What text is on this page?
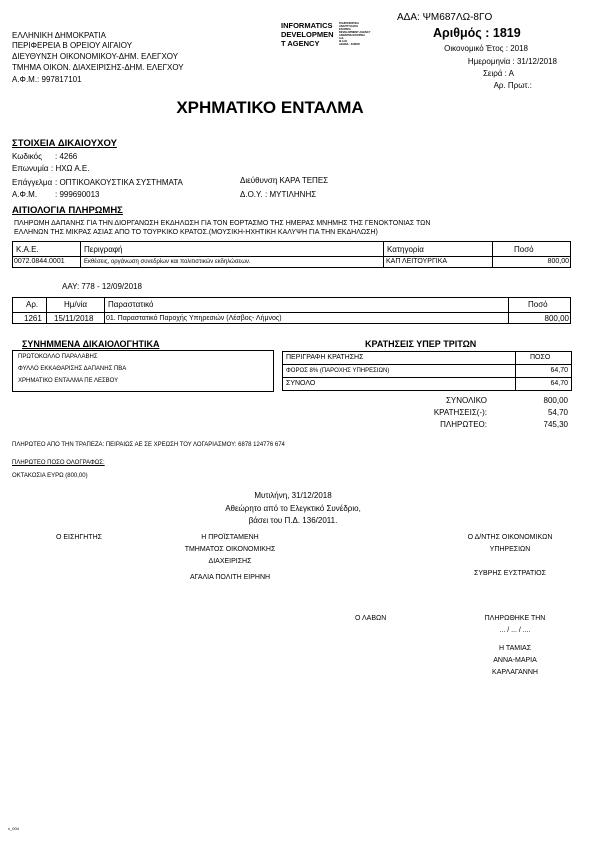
ΕΛΛΗΝΙΚΗ ΔΗΜΟΚΡΑΤΙΑ
ΠΕΡΙΦΕΡΕΙΑ Β ΟΡΕΙΟΥ ΑΙΓΑΙΟΥ
ΔΙΕΥΘΥΝΣΗ ΟΙΚΟΝΟΜΙΚΟΥ-ΔΗΜ. ΕΛΕΓΧΟΥ
ΤΜΗΜΑ ΟΙΚΟΝ. ΔΙΑΧΕΙΡΙΣΗΣ-ΔΗΜ. ΕΛΕΓΧΟΥ
Α.Φ.Μ.: 997817101
INFORMATICS
DEVELOPMEN
T AGENCY
ΠΛΗΡΟΦΟΡΙΚΗ
ΑΝΑΠΤΥΞΙΑΚΗ
ΕΤΑΙΡΕΙΑ
DEVELOPMENT AGENCY
ΑΝΩΝΥΜΗ ΕΤΑΙΡΕΙΑ
Α.Ε.
Φ.Α.Μ.
ΑΘΗΝΑ - ΣΑΜΟΣ
ΑΔΑ: ΨΜ687ΛΩ-8ΓΟ
Αριθμός : 1819
Οικονομικό Έτος : 2018
Ημερομηνία : 31/12/2018
Σειρά : Α
Αρ. Πρωτ.:
ΧΡΗΜΑΤΙΚΟ ΕΝΤΑΛΜΑ
ΣΤΟΙΧΕΙΑ ΔΙΚΑΙΟΥΧΟΥ
Κωδικός : 4266
Επωνυμία : ΗΧΩ Α.Ε.
Επάγγελμα : ΟΠΤΙΚΟΑΚΟΥΣΤΙΚΑ ΣΥΣΤΗΜΑΤΑ
Α.Φ.Μ. : 999690013
Διεύθυνση
: ΚΑΡΑ ΤΕΠΕΣ
Δ.Ο.Υ. : ΜΥΤΙΛΗΝΗΣ
ΑΙΤΙΟΛΟΓΙΑ ΠΛΗΡΩΜΗΣ
ΠΛΗΡΩΜΗ ΔΑΠΑΝΗΣ ΓΙΑ ΤΗΝ ΔΙΟΡΓΑΝΩΣΗ ΕΚΔΗΛΩΣΗ ΓΙΑ ΤΟΝ ΕΟΡΤΑΣΜΟ ΤΗΣ ΗΜΕΡΑΣ ΜΝΗΜΗΣ ΤΗΣ ΓΕΝΟΚΤΟΝΙΑΣ ΤΩΝ
ΕΛΛΗΝΩΝ ΤΗΣ ΜΙΚΡΑΣ ΑΣΙΑΣ ΑΠΟ ΤΟ ΤΟΥΡΚΙΚΟ ΚΡΑΤΟΣ.(ΜΟΥΣΙΚΗ-ΗΧΗΤΙΚΗ ΚΑΛΥΨΗ ΓΙΑ ΤΗΝ ΕΚΔΗΛΩΣΗ)
Κ.Α.Ε.	Περιγραφή	Κατηγορία	Ποσό
0072.0844.0001	Εκθέσεις, οργάνωση συνεδρίων και πολιτιστικών εκδηλώσεων.	ΚΑΠ ΛΕΙΤΟΥΡΓΙΚΑ	800,00
ΑΑΥ: 778 - 12/09/2018
Αρ.	Ημ/νία	Παραστατικό	Ποσό
1261 15/11/2018 01. Παραστατικό Παροχής Υπηρεσιών (Λέσβος- Λήμνος)	800,00
ΣΥΝΗΜΜΕΝΑ ΔΙΚΑΙΟΛΟΓΗΤΙΚΑ
ΠΡΩΤΟΚΟΛΛΟ ΠΑΡΑΛΑΒΗΣ
ΦΥΛΛΟ ΕΚΚΑΘΑΡΙΣΗΣ ΔΑΠΑΝΗΣ ΠΒΑ
ΧΡΗΜΑΤΙΚΟ ΕΝΤΑΛΜΑ ΠΕ ΛΕΣΒΟΥ
ΚΡΑΤΗΣΕΙΣ ΥΠΕΡ ΤΡΙΤΩΝ
ΠΕΡΙΓΡΑΦΗ ΚΡΑΤΗΣΗΣ	ΠΟΣΟ
ΦΟΡΟΣ 8% (ΠΑΡΟΧΗΣ ΥΠΗΡΕΣΙΩΝ)	64,70
ΣΥΝΟΛΟ	64,70
ΣΥΝΟΛΙΚΟ	800,00
ΚΡΑΤΗΣΕΙΣ(-):	54,70
ΠΛΗΡΩΤΕΟ:	745,30
ΠΛΗΡΩΤΕΟ ΑΠΟ ΤΗΝ ΤΡΑΠΕΖΑ: ΠΕΙΡΑΙΩΣ ΑΕ ΣΕ ΧΡΕΩΣΗ ΤΟΥ ΛΟΓΑΡΙΑΣΜΟΥ: 6878 124776 674
ΠΛΗΡΩΤΕΟ ΠΟΣΟ ΟΛΟΓΡΑΦΩΣ:
ΟΚΤΑΚΟΣΙΑ ΕΥΡΩ (800,00)
Μυτιλήνη, 31/12/2018
Αθεώρητο από το Ελεγκτικό Συνέδριο,
βάσει του Π.Δ. 136/2011.
Ο ΕΙΣΗΓΗΤΗΣ	Η ΠΡΟΪΣΤΑΜΕΝΗ
ΤΜΗΜΑΤΟΣ ΟΙΚΟΝΟΜΙΚΗΣ
ΔΙΑΧΕΙΡΙΣΗΣ
ΑΓΑΛΙΑ ΠΟΛΙΤΗ ΕΙΡΗΝΗ
Ο Δ/ΝΤΗΣ ΟΙΚΟΝΟΜΙΚΩΝ
ΥΠΗΡΕΣΙΩΝ
ΣΥΒΡΗΣ ΕΥΣΤΡΑΤΙΟΣ
Ο ΛΑΒΩΝ	ΠΛΗΡΩΘΗΚΕ ΤΗΝ
... / ... / ....
Η ΤΑΜΙΑΣ
ΑΝΝΑ-ΜΑΡΙΑ
ΚΑΡΛΑΓΑΝΝΗ
v_004
